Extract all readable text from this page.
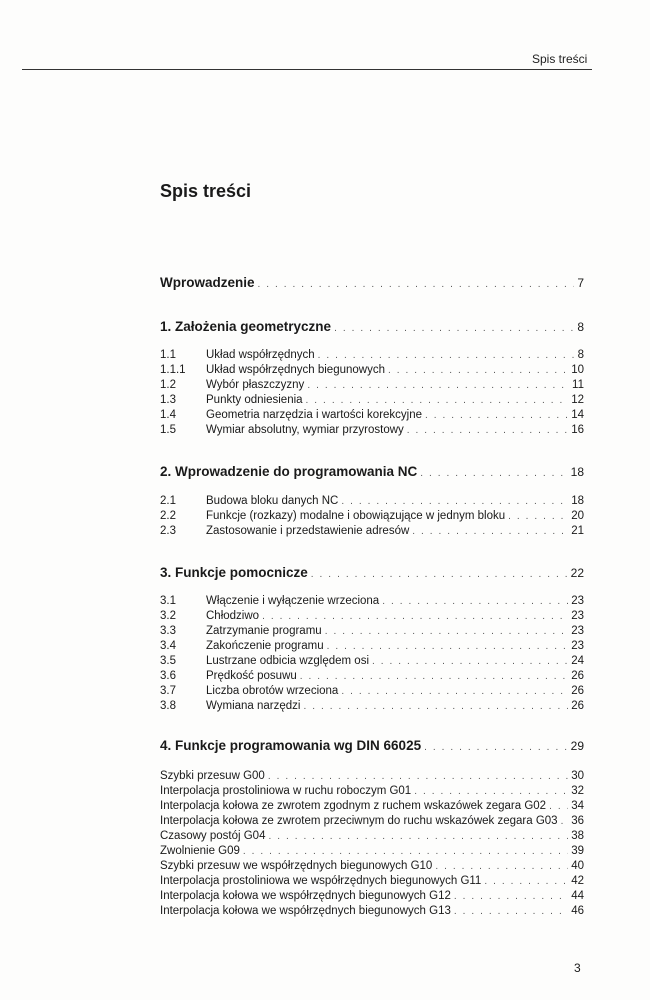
Spis treści
Spis treści
Wprowadzenie . . .	7
1. Założenia geometryczne . . .	8
1.1	Układ współrzędnych . . .	8
1.1.1	Układ współrzędnych biegunowych . . .	10
1.2	Wybór płaszczyzny . . .	11
1.3	Punkty odniesienia . . .	12
1.4	Geometria narzędzia i wartości korekcyjne . . .	14
1.5	Wymiar absolutny, wymiar przyrostowy . . .	16
2. Wprowadzenie do programowania NC . . .	18
2.1	Budowa bloku danych NC . . .	18
2.2	Funkcje (rozkazy) modalne i obowiązujące w jednym bloku . . .	20
2.3	Zastosowanie i przedstawienie adresów . . .	21
3. Funkcje pomocnicze . . .	22
3.1	Włączenie i wyłączenie wrzeciona . . .	23
3.2	Chłodziwo . . .	23
3.3	Zatrzymanie programu . . .	23
3.4	Zakończenie programu . . .	23
3.5	Lustrzane odbicia względem osi . . .	24
3.6	Prędkość posuwu . . .	26
3.7	Liczba obrotów wrzeciona . . .	26
3.8	Wymiana narzędzi . . .	26
4. Funkcje programowania wg DIN 66025 . . .	29
Szybki przesuw G00 . . .	30
Interpolacja prostoliniowa w ruchu roboczym G01 . . .	32
Interpolacja kołowa ze zwrotem zgodnym z ruchem wskazówek zegara G02 . . . 34
Interpolacja kołowa ze zwrotem przeciwnym do ruchu wskazówek zegara G03 . . . 36
Czasowy postój G04 . . .	38
Zwolnienie G09 . . .	39
Szybki przesuw we współrzędnych biegunowych G10 . . .	40
Interpolacja prostoliniowa we współrzędnych biegunowych G11 . . .	42
Interpolacja kołowa we współrzędnych biegunowych G12 . . .	44
Interpolacja kołowa we współrzędnych biegunowych G13 . . .	46
3
